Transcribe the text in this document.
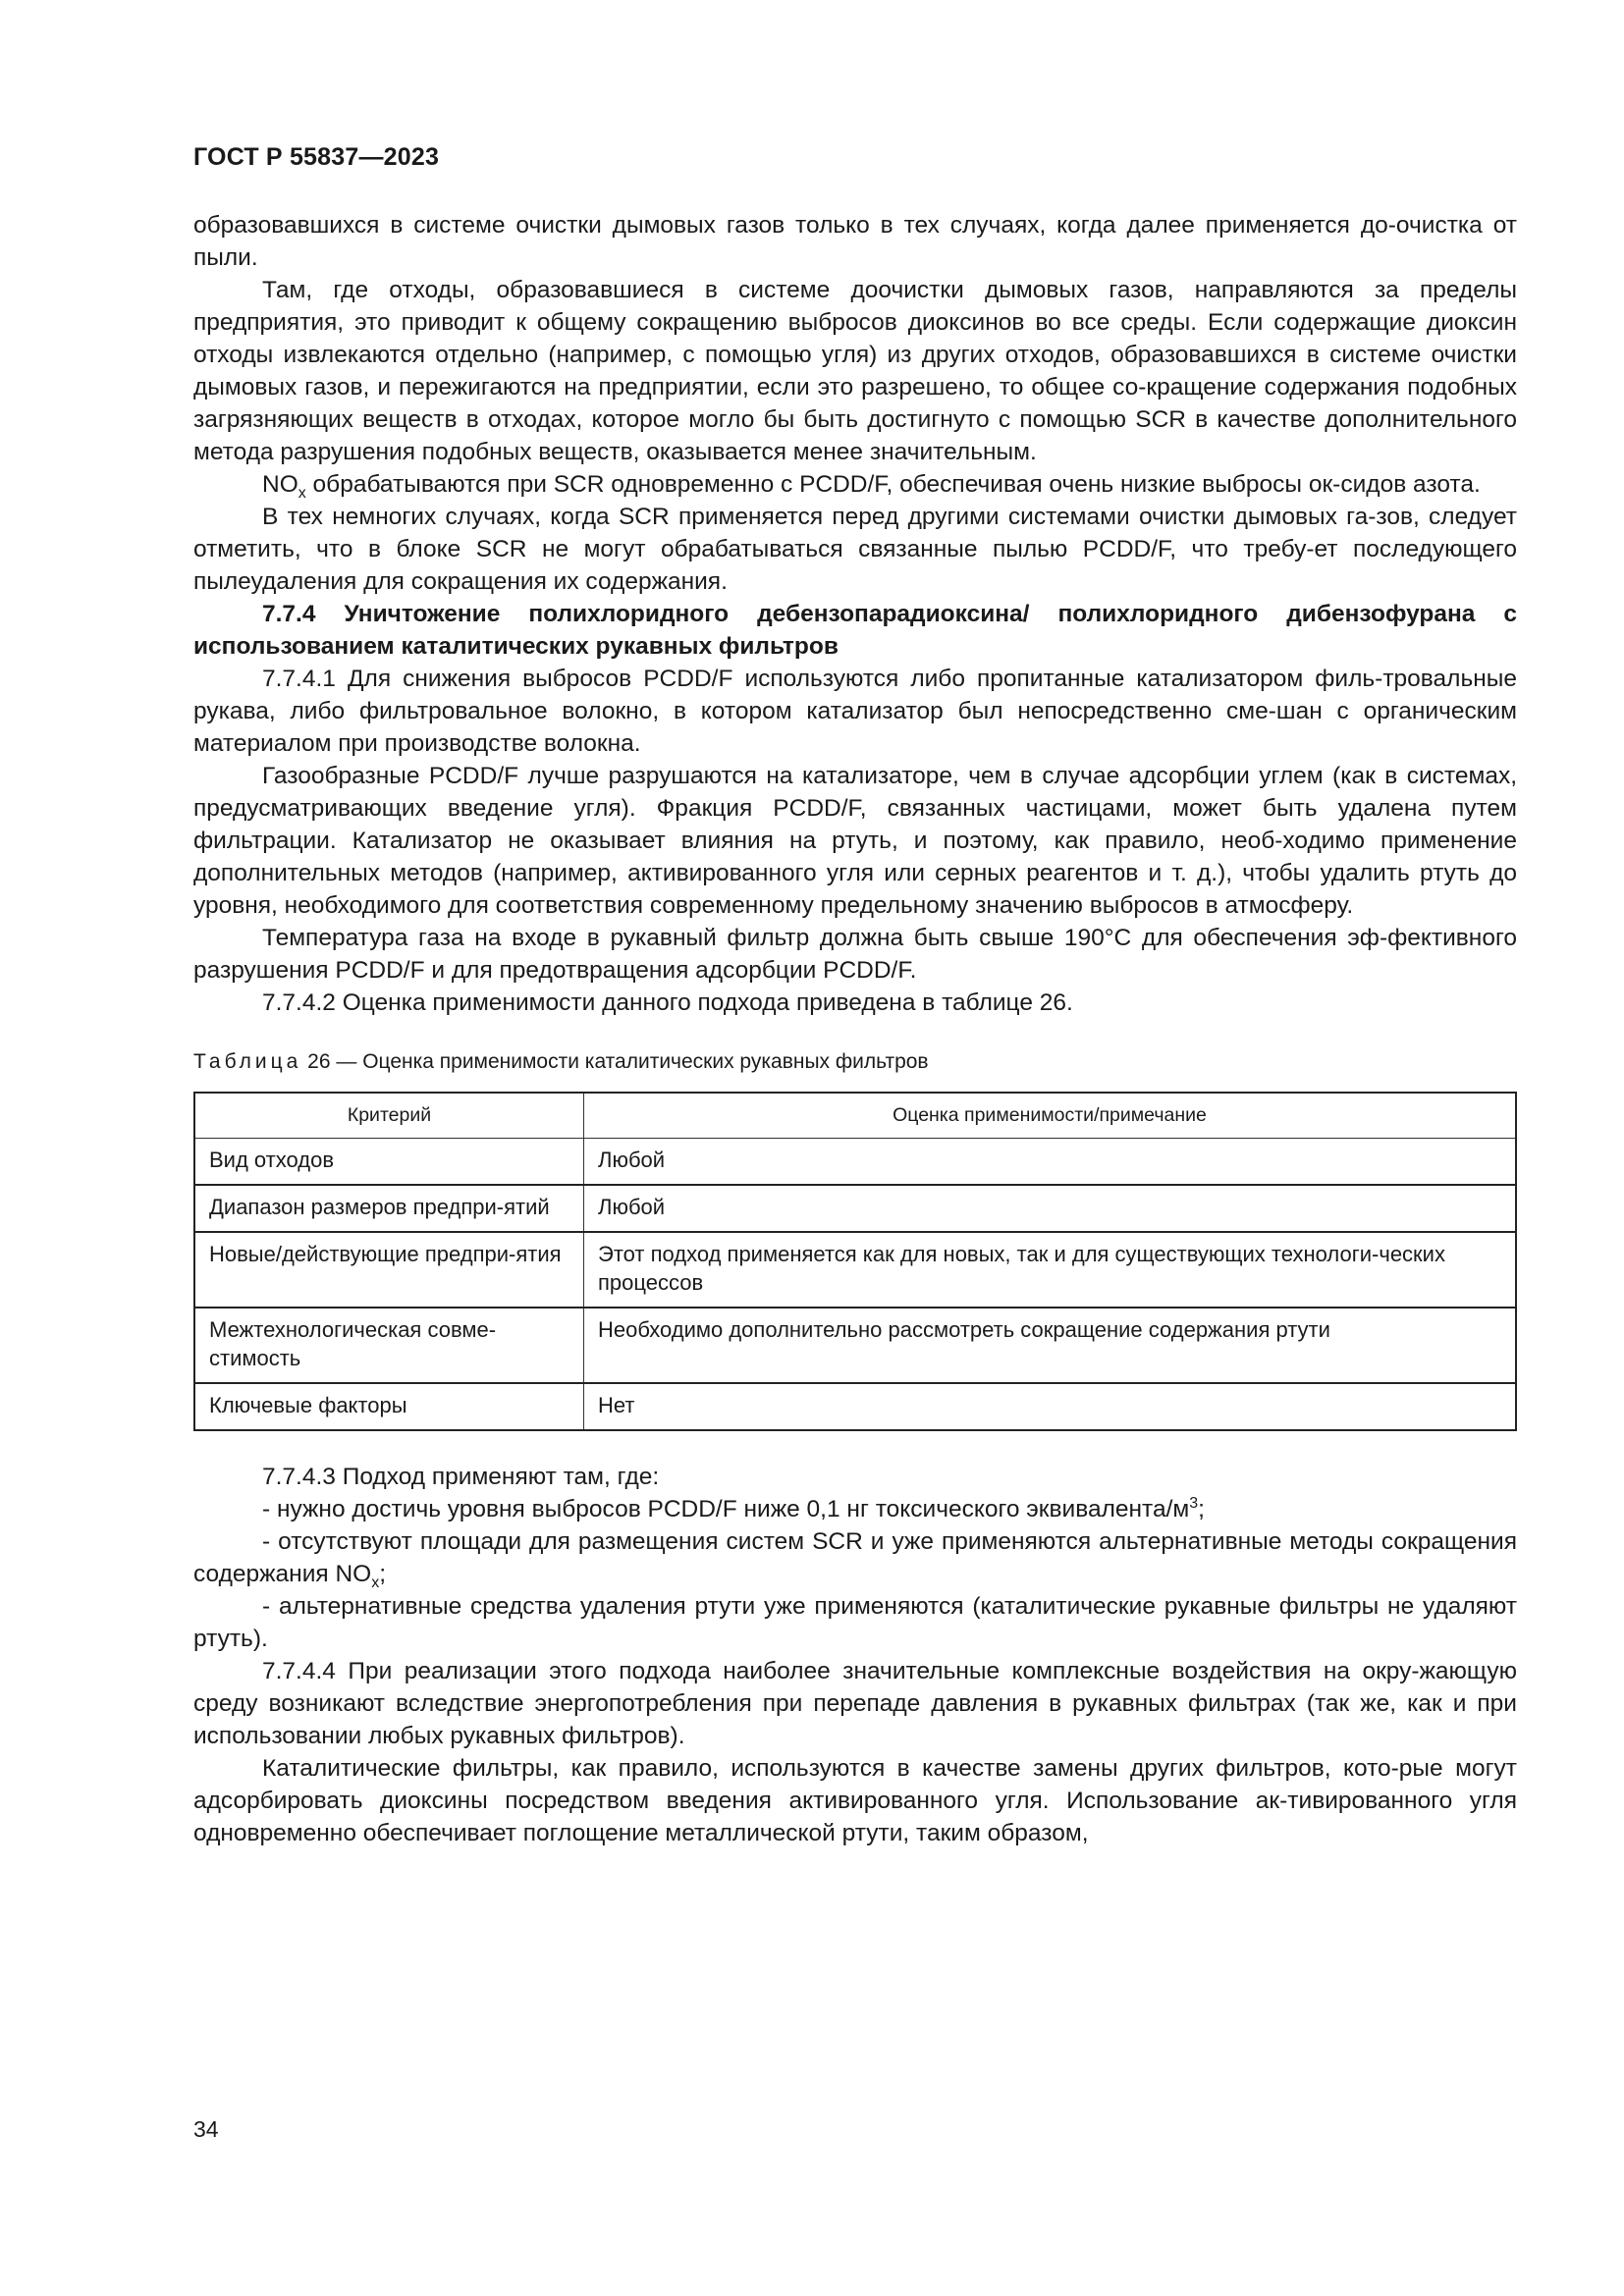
ГОСТ Р 55837—2023

образовавшихся в системе очистки дымовых газов только в тех случаях, когда далее применяется до-очистка от пыли.

Там, где отходы, образовавшиеся в системе доочистки дымовых газов, направляются за пределы предприятия, это приводит к общему сокращению выбросов диоксинов во все среды. Если содержащие диоксин отходы извлекаются отдельно (например, с помощью угля) из других отходов, образовавшихся в системе очистки дымовых газов, и пережигаются на предприятии, если это разрешено, то общее со-кращение содержания подобных загрязняющих веществ в отходах, которое могло бы быть достигнуто с помощью SCR в качестве дополнительного метода разрушения подобных веществ, оказывается менее значительным.

$NO_x$ обрабатываются при SCR одновременно с PCDD/F, обеспечивая очень низкие выбросы ок-сидов азота.

В тех немногих случаях, когда SCR применяется перед другими системами очистки дымовых га-зов, следует отметить, что в блоке SCR не могут обрабатываться связанные пылью PCDD/F, что требу-ет последующего пылеудаления для сокращения их содержания.

7.7.4 Уничтожение полихлоридного дебензопарадиоксина/ полихлоридного дибензофурана с использованием каталитических рукавных фильтров

7.7.4.1 Для снижения выбросов PCDD/F используются либо пропитанные катализатором филь-тровальные рукава, либо фильтровальное волокно, в котором катализатор был непосредственно сме-шан с органическим материалом при производстве волокна.

Газообразные PCDD/F лучше разрушаются на катализаторе, чем в случае адсорбции углем (как в системах, предусматривающих введение угля). Фракция PCDD/F, связанных частицами, может быть удалена путем фильтрации. Катализатор не оказывает влияния на ртуть, и поэтому, как правило, необ-ходимо применение дополнительных методов (например, активированного угля или серных реагентов и т. д.), чтобы удалить ртуть до уровня, необходимого для соответствия современному предельному значению выбросов в атмосферу.

Температура газа на входе в рукавный фильтр должна быть свыше 190°C для обеспечения эф-фективного разрушения PCDD/F и для предотвращения адсорбции PCDD/F.

7.7.4.2 Оценка применимости данного подхода приведена в таблице 26.

Таблица 26 — Оценка применимости каталитических рукавных фильтров
Критерий	Оценка применимости/примечание
Вид отходов	Любой
Диапазон размеров предпри-ятий	Любой
Новые/действующие предпри-ятия	Этот подход применяется как для новых, так и для существующих технологи-ческих процессов
Межтехнологическая совме-стимость	Необходимо дополнительно рассмотреть сокращение содержания ртути
Ключевые факторы	Нет

7.7.4.3 Подход применяют там, где:

- нужно достичь уровня выбросов PCDD/F ниже 0,1 нг токсического эквивалента/$м^3$;

- отсутствуют площади для размещения систем SCR и уже применяются альтернативные методы сокращения содержания $NO_x$;

- альтернативные средства удаления ртути уже применяются (каталитические рукавные фильтры не удаляют ртуть).

7.7.4.4 При реализации этого подхода наиболее значительные комплексные воздействия на окру-жающую среду возникают вследствие энергопотребления при перепаде давления в рукавных фильтрах (так же, как и при использовании любых рукавных фильтров).

Каталитические фильтры, как правило, используются в качестве замены других фильтров, кото-рые могут адсорбировать диоксины посредством введения активированного угля. Использование ак-тивированного угля одновременно обеспечивает поглощение металлической ртути, таким образом,

34
